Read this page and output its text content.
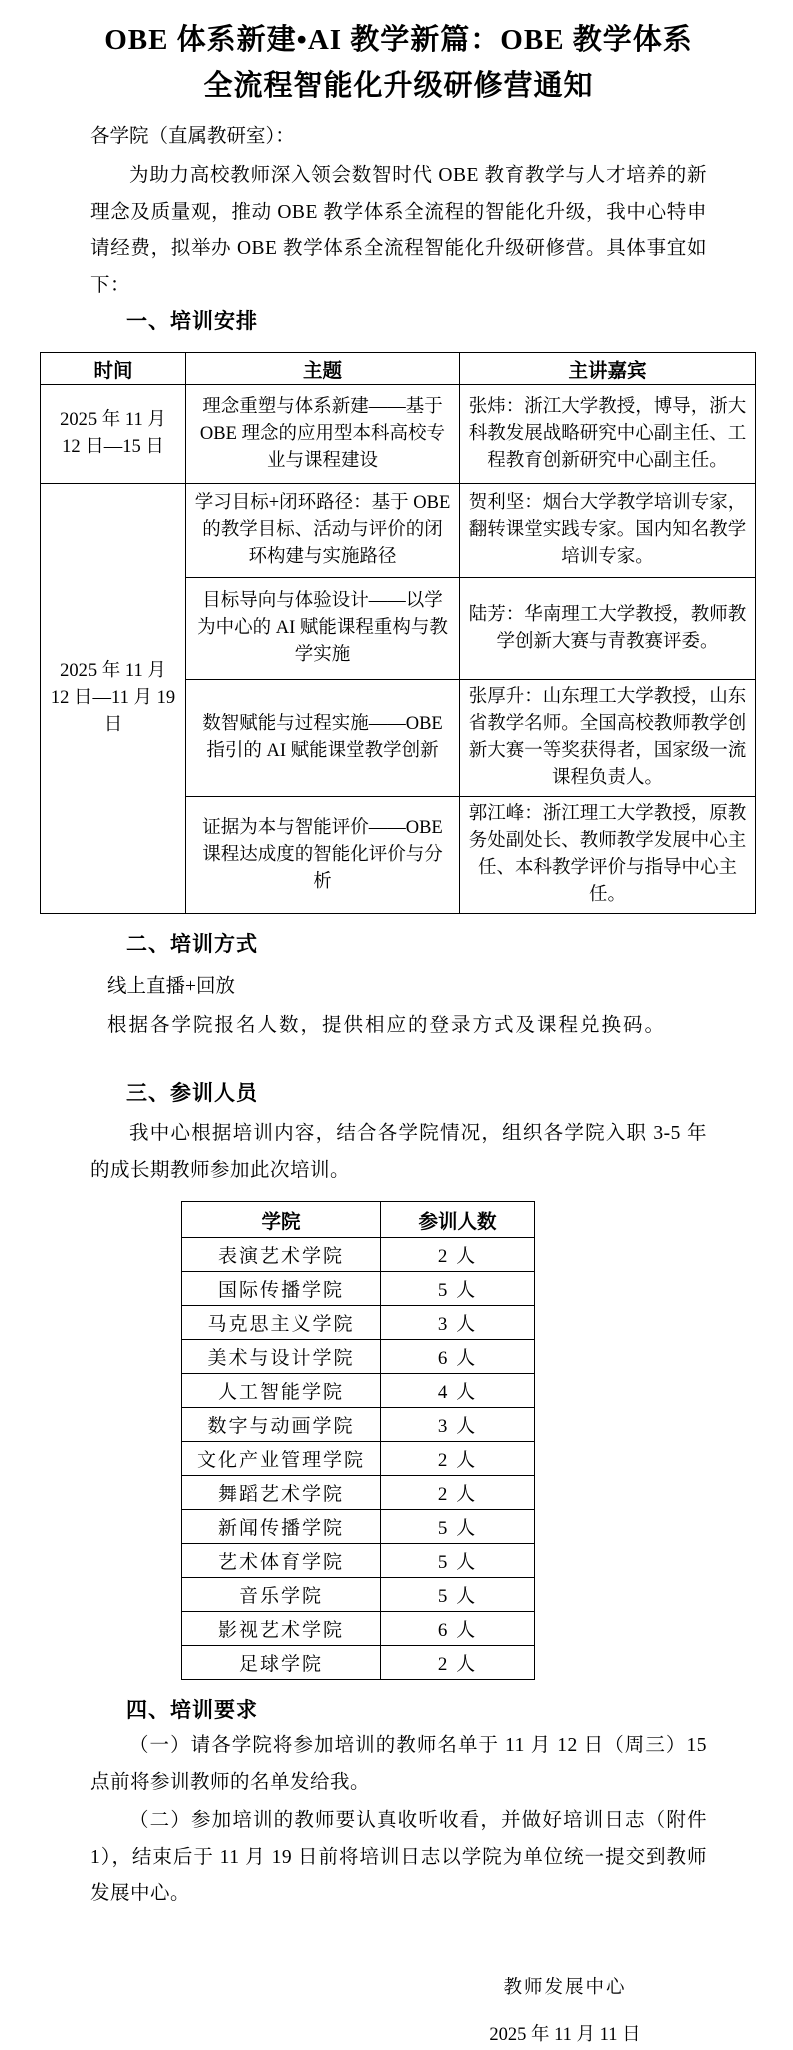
OBE 体系新建•AI 教学新篇：OBE 教学体系
全流程智能化升级研修营通知
各学院（直属教研室）：

为助力高校教师深入领会数智时代 OBE 教育教学与人才培养的新理念及质量观，推动 OBE 教学体系全流程的智能化升级，我中心特申请经费，拟举办 OBE 教学体系全流程智能化升级研修营。具体事宜如下：

一、培训安排
时间	主题	主讲嘉宾
2025 年 11 月 12 日—15 日	理念重塑与体系新建——基于 OBE 理念的应用型本科高校专业与课程建设	张炜：浙江大学教授，博导，浙大科教发展战略研究中心副主任、工程教育创新研究中心副主任。
2025 年 11 月 12 日—11 月 19 日	学习目标+闭环路径：基于 OBE 的教学目标、活动与评价的闭环构建与实施路径	贺利坚：烟台大学教学培训专家，翻转课堂实践专家。国内知名教学培训专家。
	目标导向与体验设计——以学为中心的 AI 赋能课程重构与教学实施	陆芳：华南理工大学教授，教师教学创新大赛与青教赛评委。
	数智赋能与过程实施——OBE 指引的 AI 赋能课堂教学创新	张厚升：山东理工大学教授，山东省教学名师。全国高校教师教学创新大赛一等奖获得者，国家级一流课程负责人。
	证据为本与智能评价——OBE 课程达成度的智能化评价与分析	郭江峰：浙江理工大学教授，原教务处副处长、教师教学发展中心主任、本科教学评价与指导中心主任。
二、培训方式
线上直播+回放
根据各学院报名人数，提供相应的登录方式及课程兑换码。
三、参训人员

我中心根据培训内容，结合各学院情况，组织各学院入职 3-5 年的成长期教师参加此次培训。

学院	参训人数
表演艺术学院	2 人
国际传播学院	5 人
马克思主义学院	3 人
美术与设计学院	6 人
人工智能学院	4 人
数字与动画学院	3 人
文化产业管理学院	2 人
舞蹈艺术学院	2 人
新闻传播学院	5 人
艺术体育学院	5 人
音乐学院	5 人
影视艺术学院	6 人
足球学院	2 人
四、培训要求

（一）请各学院将参加培训的教师名单于 11 月 12 日（周三）15 点前将参训教师的名单发给我。

（二）参加培训的教师要认真收听收看，并做好培训日志（附件 1），结束后于 11 月 19 日前将培训日志以学院为单位统一提交到教师发展中心。

教师发展中心
2025 年 11 月 11 日
